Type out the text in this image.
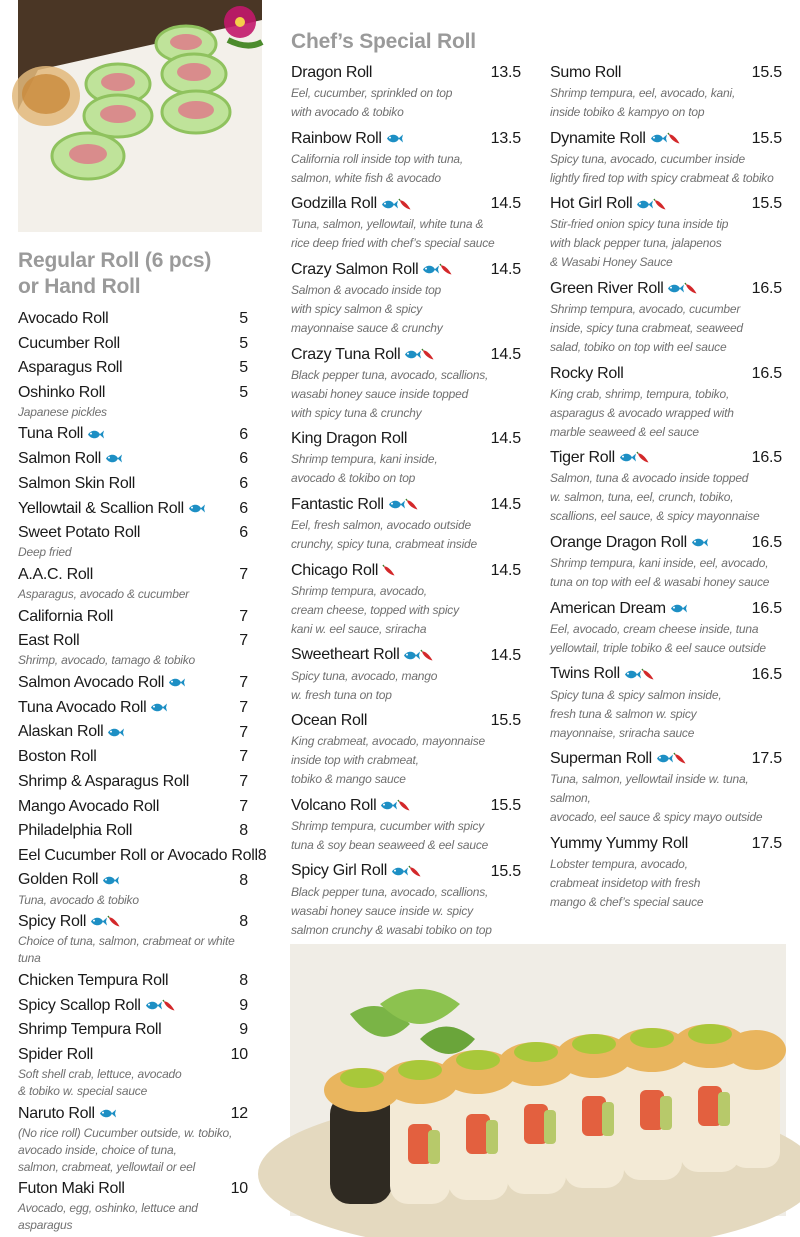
Regular Roll (6 pcs)
or Hand Roll
Chef’s Special Roll
Avocado Roll	5
Cucumber Roll	5
Asparagus Roll	5
Oshinko Roll	5
Japanese pickles
Tuna Roll	6
Salmon Roll	6
Salmon Skin Roll	6
Yellowtail & Scallion Roll	6
Sweet Potato Roll	6
Deep fried
A.A.C. Roll	7
Asparagus, avocado & cucumber
California Roll	7
East Roll	7
Shrimp, avocado, tamago & tobiko
Salmon Avocado Roll	7
Tuna Avocado Roll	7
Alaskan Roll	7
Boston Roll	7
Shrimp & Asparagus Roll	7
Mango Avocado Roll	7
Philadelphia Roll	8
Eel Cucumber Roll or Avocado Roll 8
Golden Roll	8
Tuna, avocado & tobiko
Spicy Roll	8
Choice of tuna, salmon, crabmeat or white tuna
Chicken Tempura Roll	8
Spicy Scallop Roll	9
Shrimp Tempura Roll	9
Spider Roll	10
Soft shell crab, lettuce, avocado
& tobiko w. special sauce
Naruto Roll	12
(No rice roll) Cucumber outside, w. tobiko,
avocado inside, choice of tuna,
salmon, crabmeat, yellowtail or eel
Futon Maki Roll	10
Avocado, egg, oshinko, lettuce and asparagus
Dragon Roll	13.5
Eel, cucumber, sprinkled on top
with avocado & tobiko
Rainbow Roll	13.5
California roll inside top with tuna,
salmon, white fish & avocado
Godzilla Roll	14.5
Tuna, salmon, yellowtail, white tuna &
rice deep fried with chef’s special sauce
Crazy Salmon Roll	14.5
Salmon & avocado inside top
with spicy salmon & spicy
mayonnaise sauce & crunchy
Crazy Tuna Roll	14.5
Black pepper tuna, avocado, scallions,
wasabi honey sauce inside topped
with spicy tuna & crunchy
King Dragon Roll	14.5
Shrimp tempura, kani inside,
avocado & tokibo on top
Fantastic Roll	14.5
Eel, fresh salmon, avocado outside
crunchy, spicy tuna, crabmeat inside
Chicago Roll	14.5
Shrimp tempura, avocado,
cream cheese, topped with spicy
kani w. eel sauce, sriracha
Sweetheart Roll	14.5
Spicy tuna, avocado, mango
w. fresh tuna on top
Ocean Roll	15.5
King crabmeat, avocado, mayonnaise
inside top with crabmeat,
tobiko & mango sauce
Volcano Roll	15.5
Shrimp tempura, cucumber with spicy
tuna & soy bean seaweed & eel sauce
Spicy Girl Roll	15.5
Black pepper tuna, avocado, scallions,
wasabi honey sauce inside w. spicy
salmon crunchy & wasabi tobiko on top
Sumo Roll	15.5
Shrimp tempura, eel, avocado, kani,
inside tobiko & kampyo on top
Dynamite Roll	15.5
Spicy tuna, avocado, cucumber inside
lightly fired top with spicy crabmeat & tobiko
Hot Girl Roll	15.5
Stir-fried onion spicy tuna inside tip
with black pepper tuna, jalapenos
& Wasabi Honey Sauce
Green River Roll	16.5
Shrimp tempura, avocado, cucumber
inside, spicy tuna crabmeat, seaweed
salad, tobiko on top with eel sauce
Rocky Roll	16.5
King crab, shrimp, tempura, tobiko,
asparagus & avocado wrapped with
marble seaweed & eel sauce
Tiger Roll	16.5
Salmon, tuna & avocado inside topped
w. salmon, tuna, eel, crunch, tobiko,
scallions, eel sauce, & spicy mayonnaise
Orange Dragon Roll	16.5
Shrimp tempura, kani inside, eel, avocado,
tuna on top with eel & wasabi honey sauce
American Dream	16.5
Eel, avocado, cream cheese inside, tuna
yellowtail, triple tobiko & eel sauce outside
Twins Roll	16.5
Spicy tuna & spicy salmon inside,
fresh tuna & salmon w. spicy
mayonnaise, sriracha sauce
Superman Roll	17.5
Tuna, salmon, yellowtail inside w. tuna, salmon,
avocado, eel sauce & spicy mayo outside
Yummy Yummy Roll	17.5
Lobster tempura, avocado,
crabmeat insidetop with fresh
mango & chef’s special sauce
